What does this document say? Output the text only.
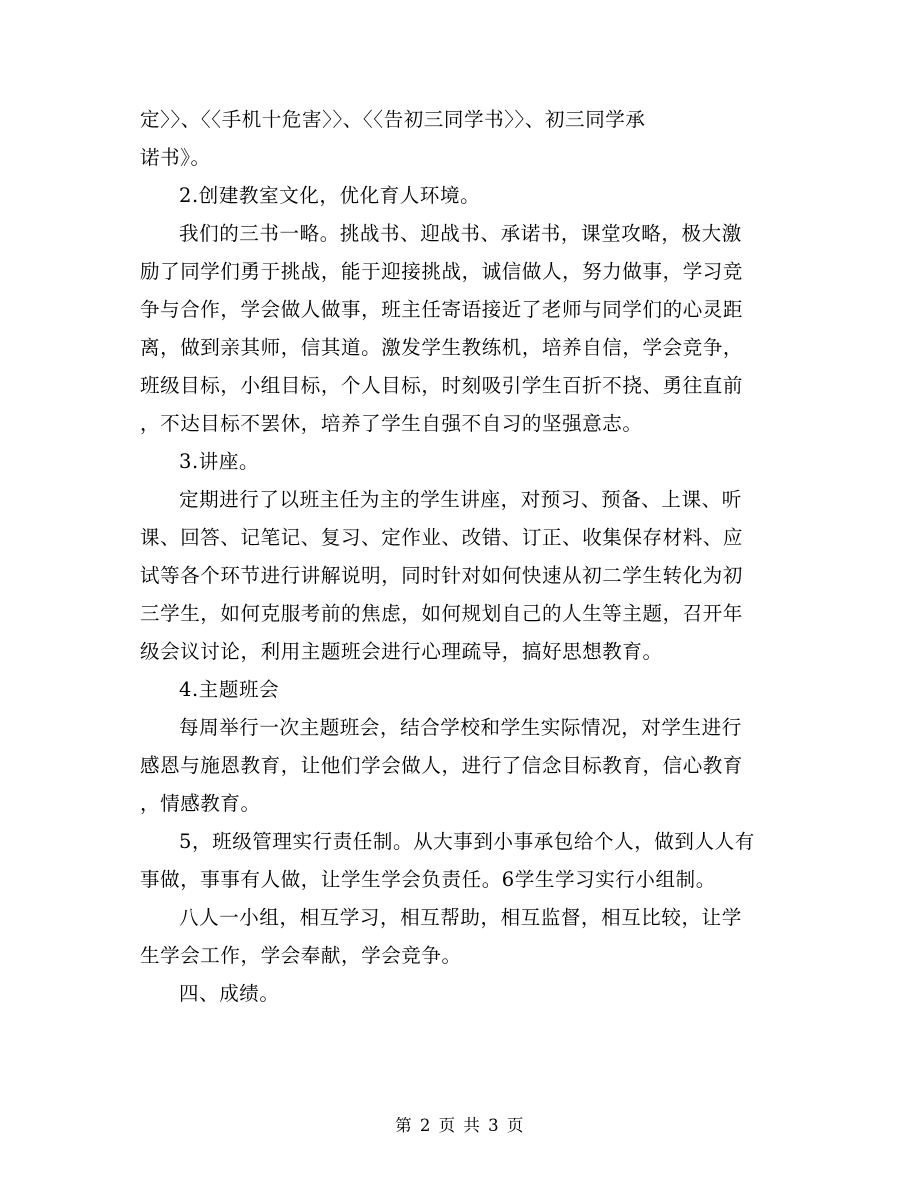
定〉〉、〈〈手机十危害〉〉、〈〈告初三同学书〉〉、初三同学承
诺书》。

2.创建教室文化，优化育人环境。

我们的三书一略。挑战书、迎战书、承诺书，课堂攻略，极大激
励了同学们勇于挑战，能于迎接挑战，诚信做人，努力做事，学习竞
争与合作，学会做人做事，班主任寄语接近了老师与同学们的心灵距
离，做到亲其师，信其道。激发学生教练机，培养自信，学会竞争，
班级目标，小组目标，个人目标，时刻吸引学生百折不挠、勇往直前
，不达目标不罢休，培养了学生自强不自习的坚强意志。

3.讲座。

定期进行了以班主任为主的学生讲座，对预习、预备、上课、听
课、回答、记笔记、复习、定作业、改错、订正、收集保存材料、应
试等各个环节进行讲解说明，同时针对如何快速从初二学生转化为初
三学生，如何克服考前的焦虑，如何规划自己的人生等主题，召开年
级会议讨论，利用主题班会进行心理疏导，搞好思想教育。

4.主题班会

每周举行一次主题班会，结合学校和学生实际情况，对学生进行
感恩与施恩教育，让他们学会做人，进行了信念目标教育，信心教育
，情感教育。

5，班级管理实行责任制。从大事到小事承包给个人，做到人人有
事做，事事有人做，让学生学会负责任。6学生学习实行小组制。

八人一小组，相互学习，相互帮助，相互监督，相互比较，让学
生学会工作，学会奉献，学会竞争。

四、成绩。

第 2 页 共 3 页
